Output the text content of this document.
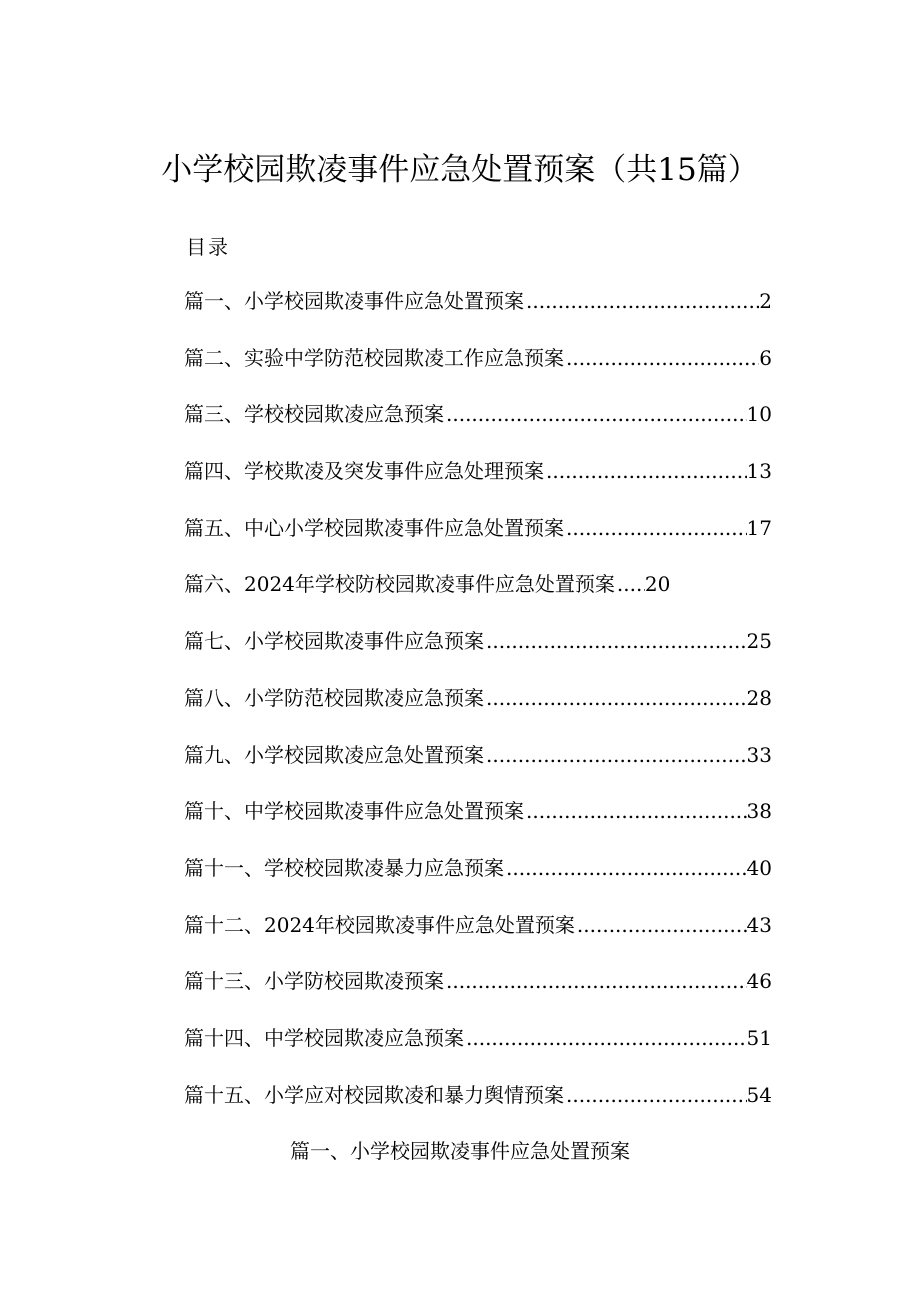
小学校园欺凌事件应急处置预案（共15篇）
目录
篇一、小学校园欺凌事件应急处置预案 .....	2
篇二、实验中学防范校园欺凌工作应急预案 .....	6
篇三、学校校园欺凌应急预案 .....	10
篇四、学校欺凌及突发事件应急处理预案 .....	13
篇五、中心小学校园欺凌事件应急处置预案 .....	17
篇六、2024年学校防校园欺凌事件应急处置预案 ..... 20
篇七、小学校园欺凌事件应急预案 .....	25
篇八、小学防范校园欺凌应急预案 .....	28
篇九、小学校园欺凌应急处置预案 .....	33
篇十、中学校园欺凌事件应急处置预案 .....	38
篇十一、学校校园欺凌暴力应急预案 .....	40
篇十二、2024年校园欺凌事件应急处置预案 .....	43
篇十三、小学防校园欺凌预案 .....	46
篇十四、中学校园欺凌应急预案 .....	51
篇十五、小学应对校园欺凌和暴力舆情预案 .....	54
篇一、小学校园欺凌事件应急处置预案
